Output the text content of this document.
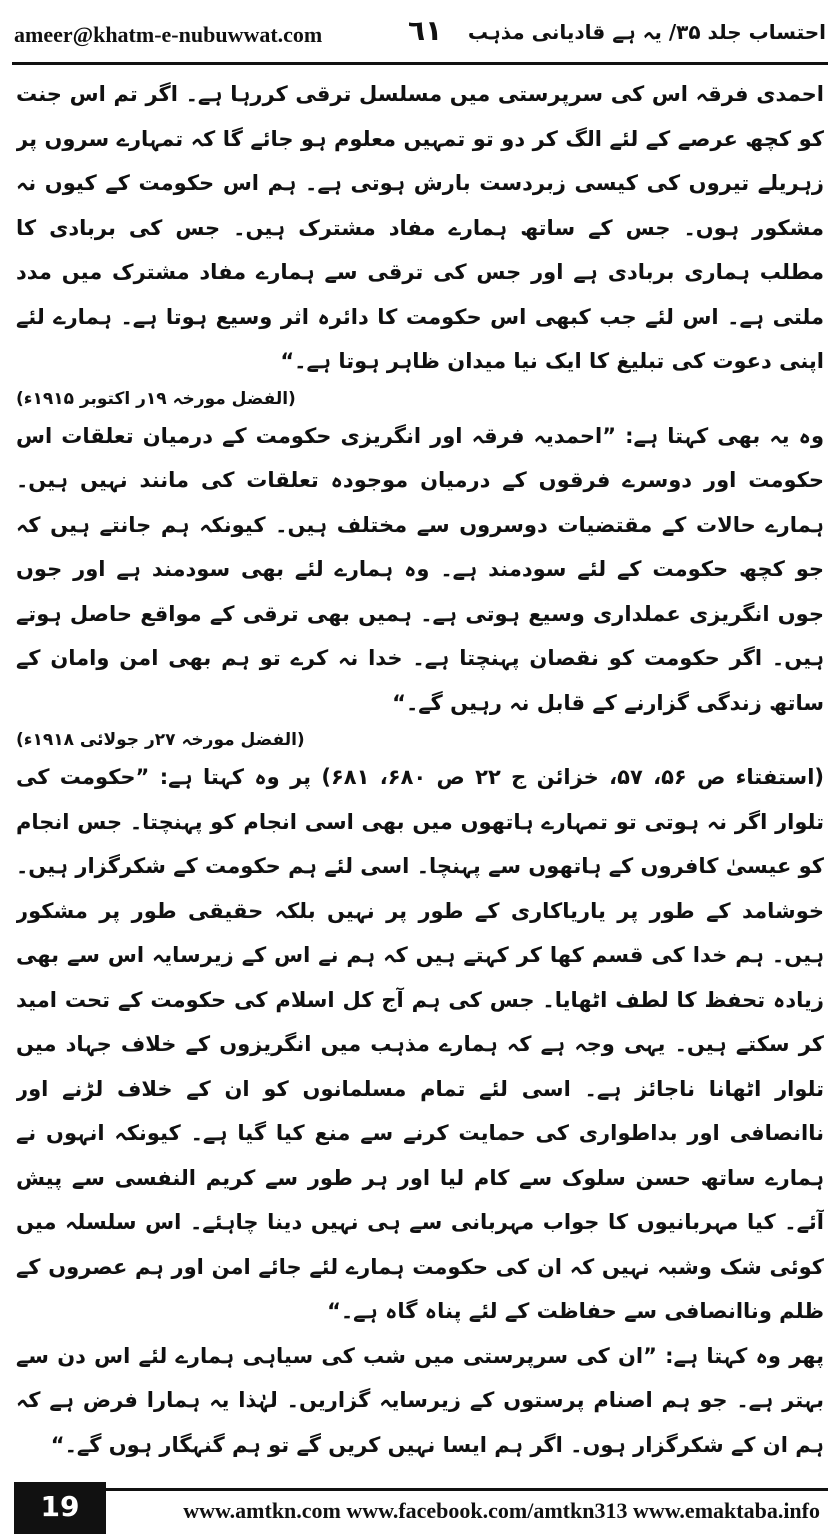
ameer@khatm-e-nubuwwat.com	٦١ احتساب جلد ۳۵/ یہ ہے قادیانی مذہب

احمدی فرقہ اس کی سرپرستی میں مسلسل ترقی کررہا ہے۔ اگر تم اس جنت کو کچھ عرصے کے لئے الگ کر دو تو تمہیں معلوم ہو جائے گا کہ تمہارے سروں پر زہریلے تیروں کی کیسی زبردست بارش ہوتی ہے۔ ہم اس حکومت کے کیوں نہ مشکور ہوں۔ جس کے ساتھ ہمارے مفاد مشترک ہیں۔ جس کی بربادی کا مطلب ہماری بربادی ہے اور جس کی ترقی سے ہمارے مفاد مشترک میں مدد ملتی ہے۔ اس لئے جب کبھی اس حکومت کا دائرہ اثر وسیع ہوتا ہے۔ ہمارے لئے اپنی دعوت کی تبلیغ کا ایک نیا میدان ظاہر ہوتا ہے۔“

(الفضل مورخہ ۱۹ر اکتوبر ۱۹۱۵ء)

وہ یہ بھی کہتا ہے: ”احمدیہ فرقہ اور انگریزی حکومت کے درمیان تعلقات اس حکومت اور دوسرے فرقوں کے درمیان موجودہ تعلقات کی مانند نہیں ہیں۔ ہمارے حالات کے مقتضیات دوسروں سے مختلف ہیں۔ کیونکہ ہم جانتے ہیں کہ جو کچھ حکومت کے لئے سودمند ہے۔ وہ ہمارے لئے بھی سودمند ہے اور جوں جوں انگریزی عملداری وسیع ہوتی ہے۔ ہمیں بھی ترقی کے مواقع حاصل ہوتے ہیں۔ اگر حکومت کو نقصان پہنچتا ہے۔ خدا نہ کرے تو ہم بھی امن وامان کے ساتھ زندگی گزارنے کے قابل نہ رہیں گے۔“

(الفضل مورخہ ۲۷ر جولائی ۱۹۱۸ء)

(استفتاء ص ۵۶، ۵۷، خزائن ج ۲۲ ص ۶۸۰، ۶۸۱) پر وہ کہتا ہے: ”حکومت کی تلوار اگر نہ ہوتی تو تمہارے ہاتھوں میں بھی اسی انجام کو پہنچتا۔ جس انجام کو عیسیٰ کافروں کے ہاتھوں سے پہنچا۔ اسی لئے ہم حکومت کے شکرگزار ہیں۔ خوشامد کے طور پر یاریاکاری کے طور پر نہیں بلکہ حقیقی طور پر مشکور ہیں۔ ہم خدا کی قسم کھا کر کہتے ہیں کہ ہم نے اس کے زیرسایہ اس سے بھی زیادہ تحفظ کا لطف اٹھایا۔ جس کی ہم آج کل اسلام کی حکومت کے تحت امید کر سکتے ہیں۔ یہی وجہ ہے کہ ہمارے مذہب میں انگریزوں کے خلاف جہاد میں تلوار اٹھانا ناجائز ہے۔ اسی لئے تمام مسلمانوں کو ان کے خلاف لڑنے اور ناانصافی اور بداطواری کی حمایت کرنے سے منع کیا گیا ہے۔ کیونکہ انہوں نے ہمارے ساتھ حسن سلوک سے کام لیا اور ہر طور سے کریم النفسی سے پیش آئے۔ کیا مہربانیوں کا جواب مہربانی سے ہی نہیں دینا چاہئے۔ اس سلسلہ میں کوئی شک وشبہ نہیں کہ ان کی حکومت ہمارے لئے جائے امن اور ہم عصروں کے ظلم وناانصافی سے حفاظت کے لئے پناہ گاہ ہے۔“

پھر وہ کہتا ہے: ”ان کی سرپرستی میں شب کی سیاہی ہمارے لئے اس دن سے بہتر ہے۔ جو ہم اصنام پرستوں کے زیرسایہ گزاریں۔ لہٰذا یہ ہمارا فرض ہے کہ ہم ان کے شکرگزار ہوں۔ اگر ہم ایسا نہیں کریں گے تو ہم گنہگار ہوں گے۔“

19	www.amtkn.com www.facebook.com/amtkn313 www.emaktaba.info
